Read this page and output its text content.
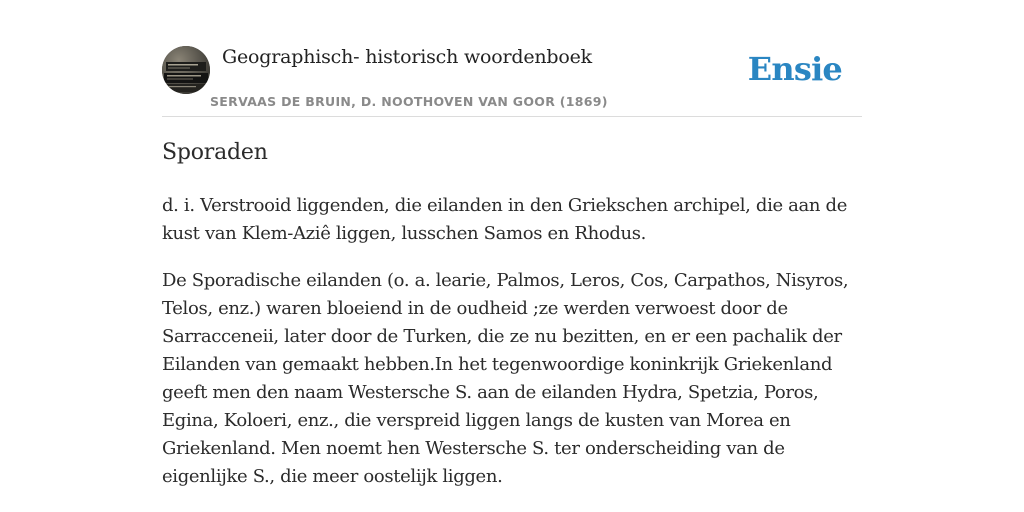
Geographisch- historisch woordenboek
SERVAAS DE BRUIN, D. NOOTHOVEN VAN GOOR (1869)
Ensie
Sporaden

d. i. Verstrooid liggenden, die eilanden in den Griekschen archipel, die aan de kust van Klem-Aziê liggen, lusschen Samos en Rhodus.

De Sporadische eilanden (o. a. learie, Palmos, Leros, Cos, Carpathos, Nisyros, Telos, enz.) waren bloeiend in de oudheid ;ze werden verwoest door de Sarracceneii, later door de Turken, die ze nu bezitten, en er een pachalik der Eilanden van gemaakt hebben.In het tegenwoordige koninkrijk Griekenland geeft men den naam Westersche S. aan de eilanden Hydra, Spetzia, Poros, Egina, Koloeri, enz., die verspreid liggen langs de kusten van Morea en Griekenland. Men noemt hen Westersche S. ter onderscheiding van de eigenlijke S., die meer oostelijk liggen.
